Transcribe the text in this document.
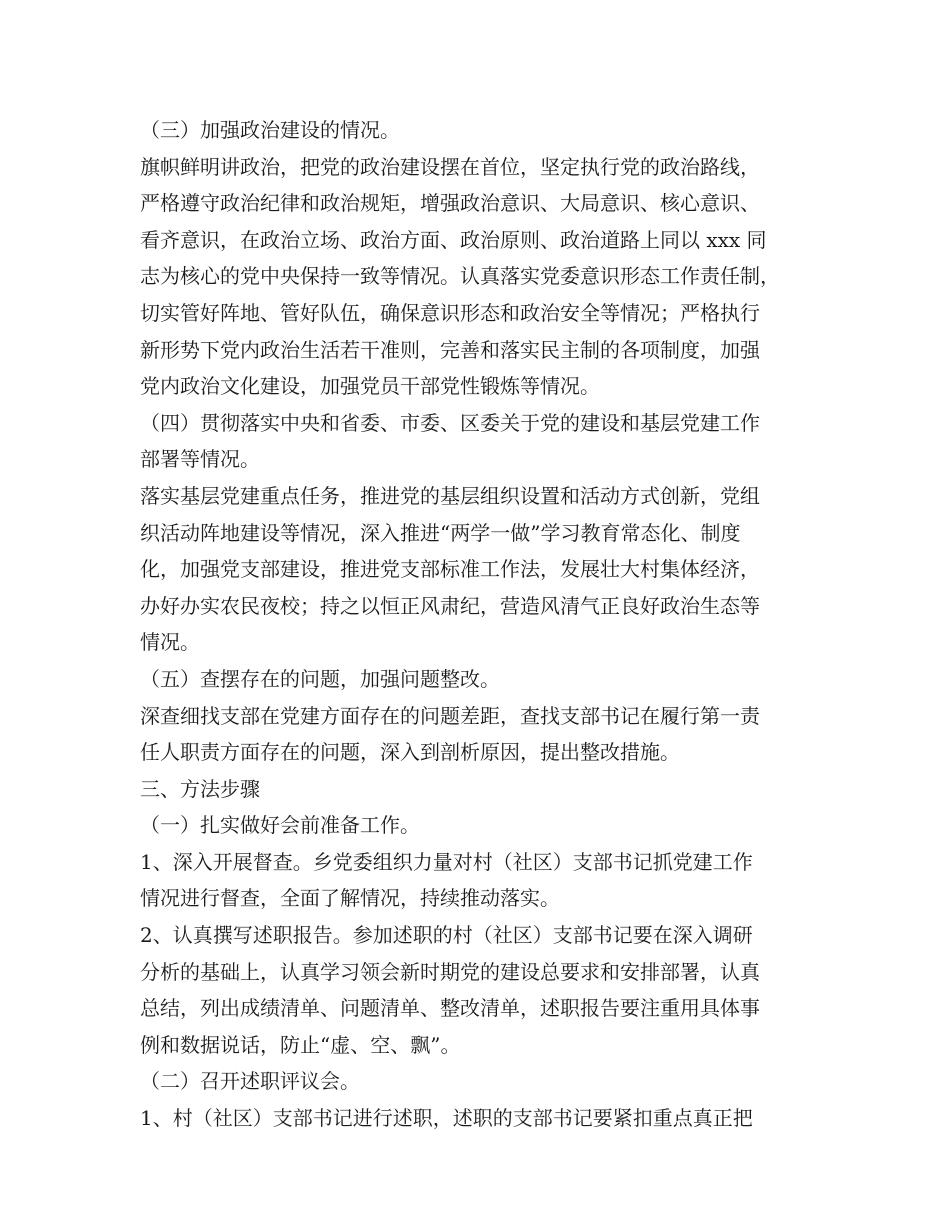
（三）加强政治建设的情况。
旗帜鲜明讲政治，把党的政治建设摆在首位，坚定执行党的政治路线，
严格遵守政治纪律和政治规矩，增强政治意识、大局意识、核心意识、
看齐意识，在政治立场、政治方面、政治原则、政治道路上同以 xxx 同
志为核心的党中央保持一致等情况。认真落实党委意识形态工作责任制，
切实管好阵地、管好队伍，确保意识形态和政治安全等情况；严格执行
新形势下党内政治生活若干准则，完善和落实民主制的各项制度，加强
党内政治文化建设，加强党员干部党性锻炼等情况。
（四）贯彻落实中央和省委、市委、区委关于党的建设和基层党建工作
部署等情况。
落实基层党建重点任务，推进党的基层组织设置和活动方式创新，党组
织活动阵地建设等情况，深入推进“两学一做”学习教育常态化、制度
化，加强党支部建设，推进党支部标准工作法，发展壮大村集体经济，
办好办实农民夜校；持之以恒正风肃纪，营造风清气正良好政治生态等
情况。
（五）查摆存在的问题，加强问题整改。
深查细找支部在党建方面存在的问题差距，查找支部书记在履行第一责
任人职责方面存在的问题，深入到剖析原因，提出整改措施。
三、方法步骤
（一）扎实做好会前准备工作。
1、深入开展督查。乡党委组织力量对村（社区）支部书记抓党建工作
情况进行督查，全面了解情况，持续推动落实。
2、认真撰写述职报告。参加述职的村（社区）支部书记要在深入调研
分析的基础上，认真学习领会新时期党的建设总要求和安排部署，认真
总结，列出成绩清单、问题清单、整改清单，述职报告要注重用具体事
例和数据说话，防止“虚、空、飘”。
（二）召开述职评议会。
1、村（社区）支部书记进行述职，述职的支部书记要紧扣重点真正把
